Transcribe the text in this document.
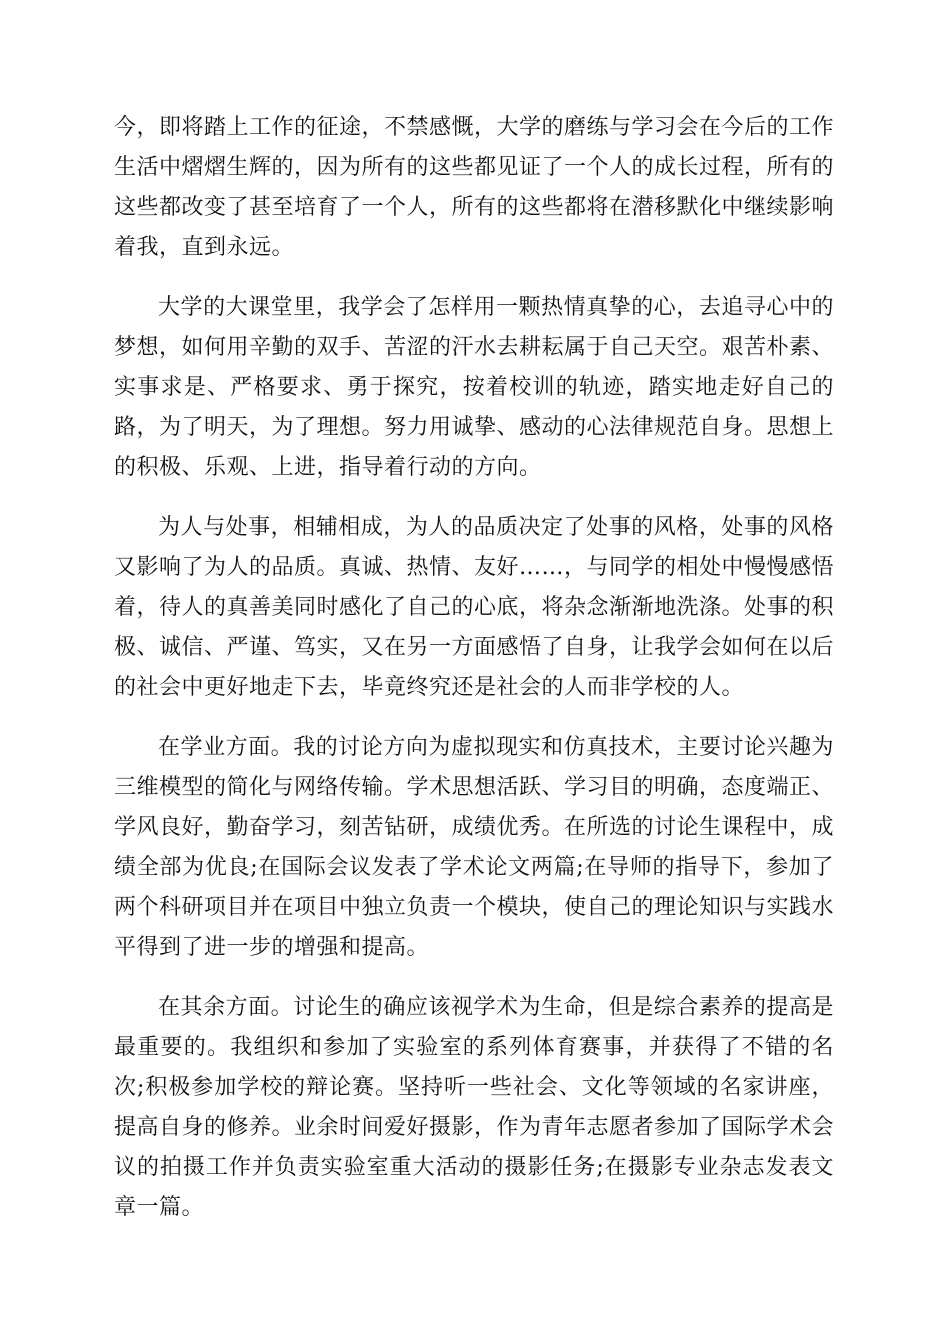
今，即将踏上工作的征途，不禁感慨，大学的磨练与学习会在今后的工作生活中熠熠生辉的，因为所有的这些都见证了一个人的成长过程，所有的这些都改变了甚至培育了一个人，所有的这些都将在潜移默化中继续影响着我，直到永远。

大学的大课堂里，我学会了怎样用一颗热情真挚的心，去追寻心中的梦想，如何用辛勤的双手、苦涩的汗水去耕耘属于自己天空。艰苦朴素、实事求是、严格要求、勇于探究，按着校训的轨迹，踏实地走好自己的路，为了明天，为了理想。努力用诚挚、感动的心法律规范自身。思想上的积极、乐观、上进，指导着行动的方向。

为人与处事，相辅相成，为人的品质决定了处事的风格，处事的风格又影响了为人的品质。真诚、热情、友好……，与同学的相处中慢慢感悟着，待人的真善美同时感化了自己的心底，将杂念渐渐地洗涤。处事的积极、诚信、严谨、笃实，又在另一方面感悟了自身，让我学会如何在以后的社会中更好地走下去，毕竟终究还是社会的人而非学校的人。

在学业方面。我的讨论方向为虚拟现实和仿真技术，主要讨论兴趣为三维模型的简化与网络传输。学术思想活跃、学习目的明确，态度端正、学风良好，勤奋学习，刻苦钻研，成绩优秀。在所选的讨论生课程中，成绩全部为优良;在国际会议发表了学术论文两篇;在导师的指导下，参加了两个科研项目并在项目中独立负责一个模块，使自己的理论知识与实践水平得到了进一步的增强和提高。

在其余方面。讨论生的确应该视学术为生命，但是综合素养的提高是最重要的。我组织和参加了实验室的系列体育赛事，并获得了不错的名次;积极参加学校的辩论赛。坚持听一些社会、文化等领域的名家讲座，提高自身的修养。业余时间爱好摄影，作为青年志愿者参加了国际学术会议的拍摄工作并负责实验室重大活动的摄影任务;在摄影专业杂志发表文章一篇。
